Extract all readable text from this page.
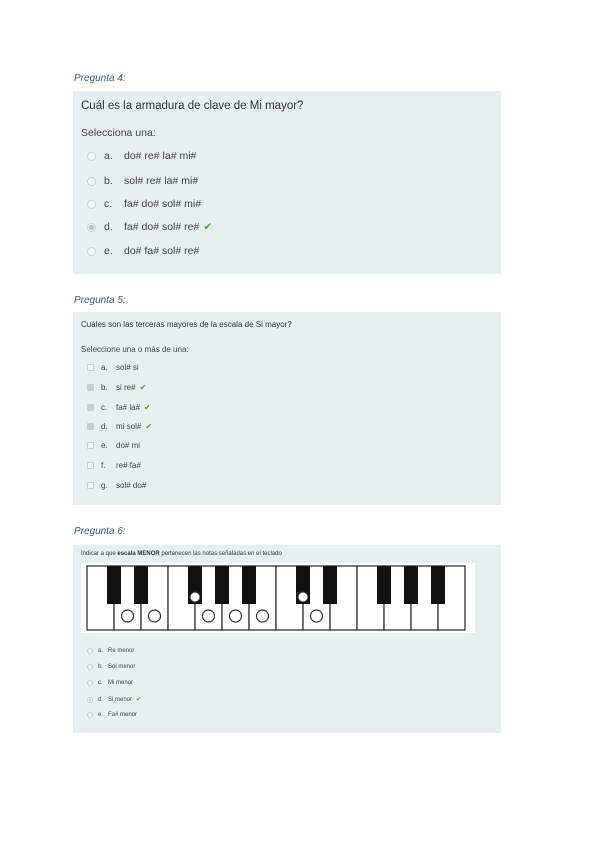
Pregunta 4:
Cuál es la armadura de clave de Mi mayor?
Selecciona una:
a.	do# re# la# mi#
b.	sol# re# la# mi#
c.	fa# do# sol# mi#
d.	fa# do# sol# re# ✔
e.	do# fa# sol# re#
Pregunta 5:
Cuáles son las terceras mayores de la escala de Si mayor?
Seleccione una o más de una:
a.	sol# si
b.	si re# ✔
c.	fa# la# ✔
d.	mi sol# ✔
e.	do# mi
f.	re# fa#
g.	sol# do#
Pregunta 6:
Indicar a que escala MENOR pertenecen las notas señaladas en el teclado
a. Re menor
b. Sol menor
c. Mi menor
d. Si menor ✔
e. Fa# menor
